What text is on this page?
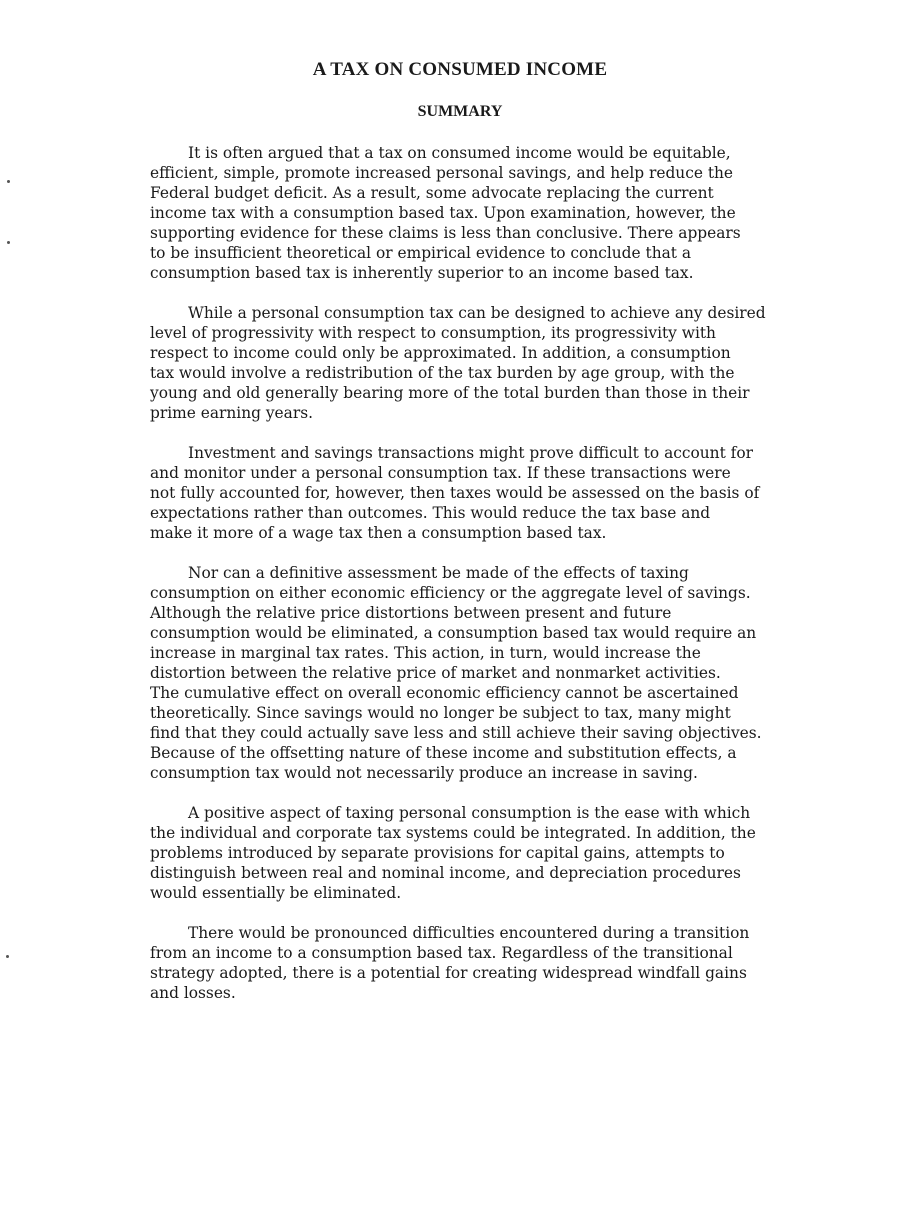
A TAX ON CONSUMED INCOME
SUMMARY

It is often argued that a tax on consumed income would be equitable,
efficient, simple, promote increased personal savings, and help reduce the
Federal budget deficit. As a result, some advocate replacing the current
income tax with a consumption based tax. Upon examination, however, the
supporting evidence for these claims is less than conclusive. There appears
to be insufficient theoretical or empirical evidence to conclude that a
consumption based tax is inherently superior to an income based tax.

While a personal consumption tax can be designed to achieve any desired
level of progressivity with respect to consumption, its progressivity with
respect to income could only be approximated. In addition, a consumption
tax would involve a redistribution of the tax burden by age group, with the
young and old generally bearing more of the total burden than those in their
prime earning years.

Investment and savings transactions might prove difficult to account for
and monitor under a personal consumption tax. If these transactions were
not fully accounted for, however, then taxes would be assessed on the basis of
expectations rather than outcomes. This would reduce the tax base and
make it more of a wage tax then a consumption based tax.

Nor can a definitive assessment be made of the effects of taxing
consumption on either economic efficiency or the aggregate level of savings.
Although the relative price distortions between present and future
consumption would be eliminated, a consumption based tax would require an
increase in marginal tax rates. This action, in turn, would increase the
distortion between the relative price of market and nonmarket activities.
The cumulative effect on overall economic efficiency cannot be ascertained
theoretically. Since savings would no longer be subject to tax, many might
find that they could actually save less and still achieve their saving objectives.
Because of the offsetting nature of these income and substitution effects, a
consumption tax would not necessarily produce an increase in saving.

A positive aspect of taxing personal consumption is the ease with which
the individual and corporate tax systems could be integrated. In addition, the
problems introduced by separate provisions for capital gains, attempts to
distinguish between real and nominal income, and depreciation procedures
would essentially be eliminated.

There would be pronounced difficulties encountered during a transition
from an income to a consumption based tax. Regardless of the transitional
strategy adopted, there is a potential for creating widespread windfall gains
and losses.
